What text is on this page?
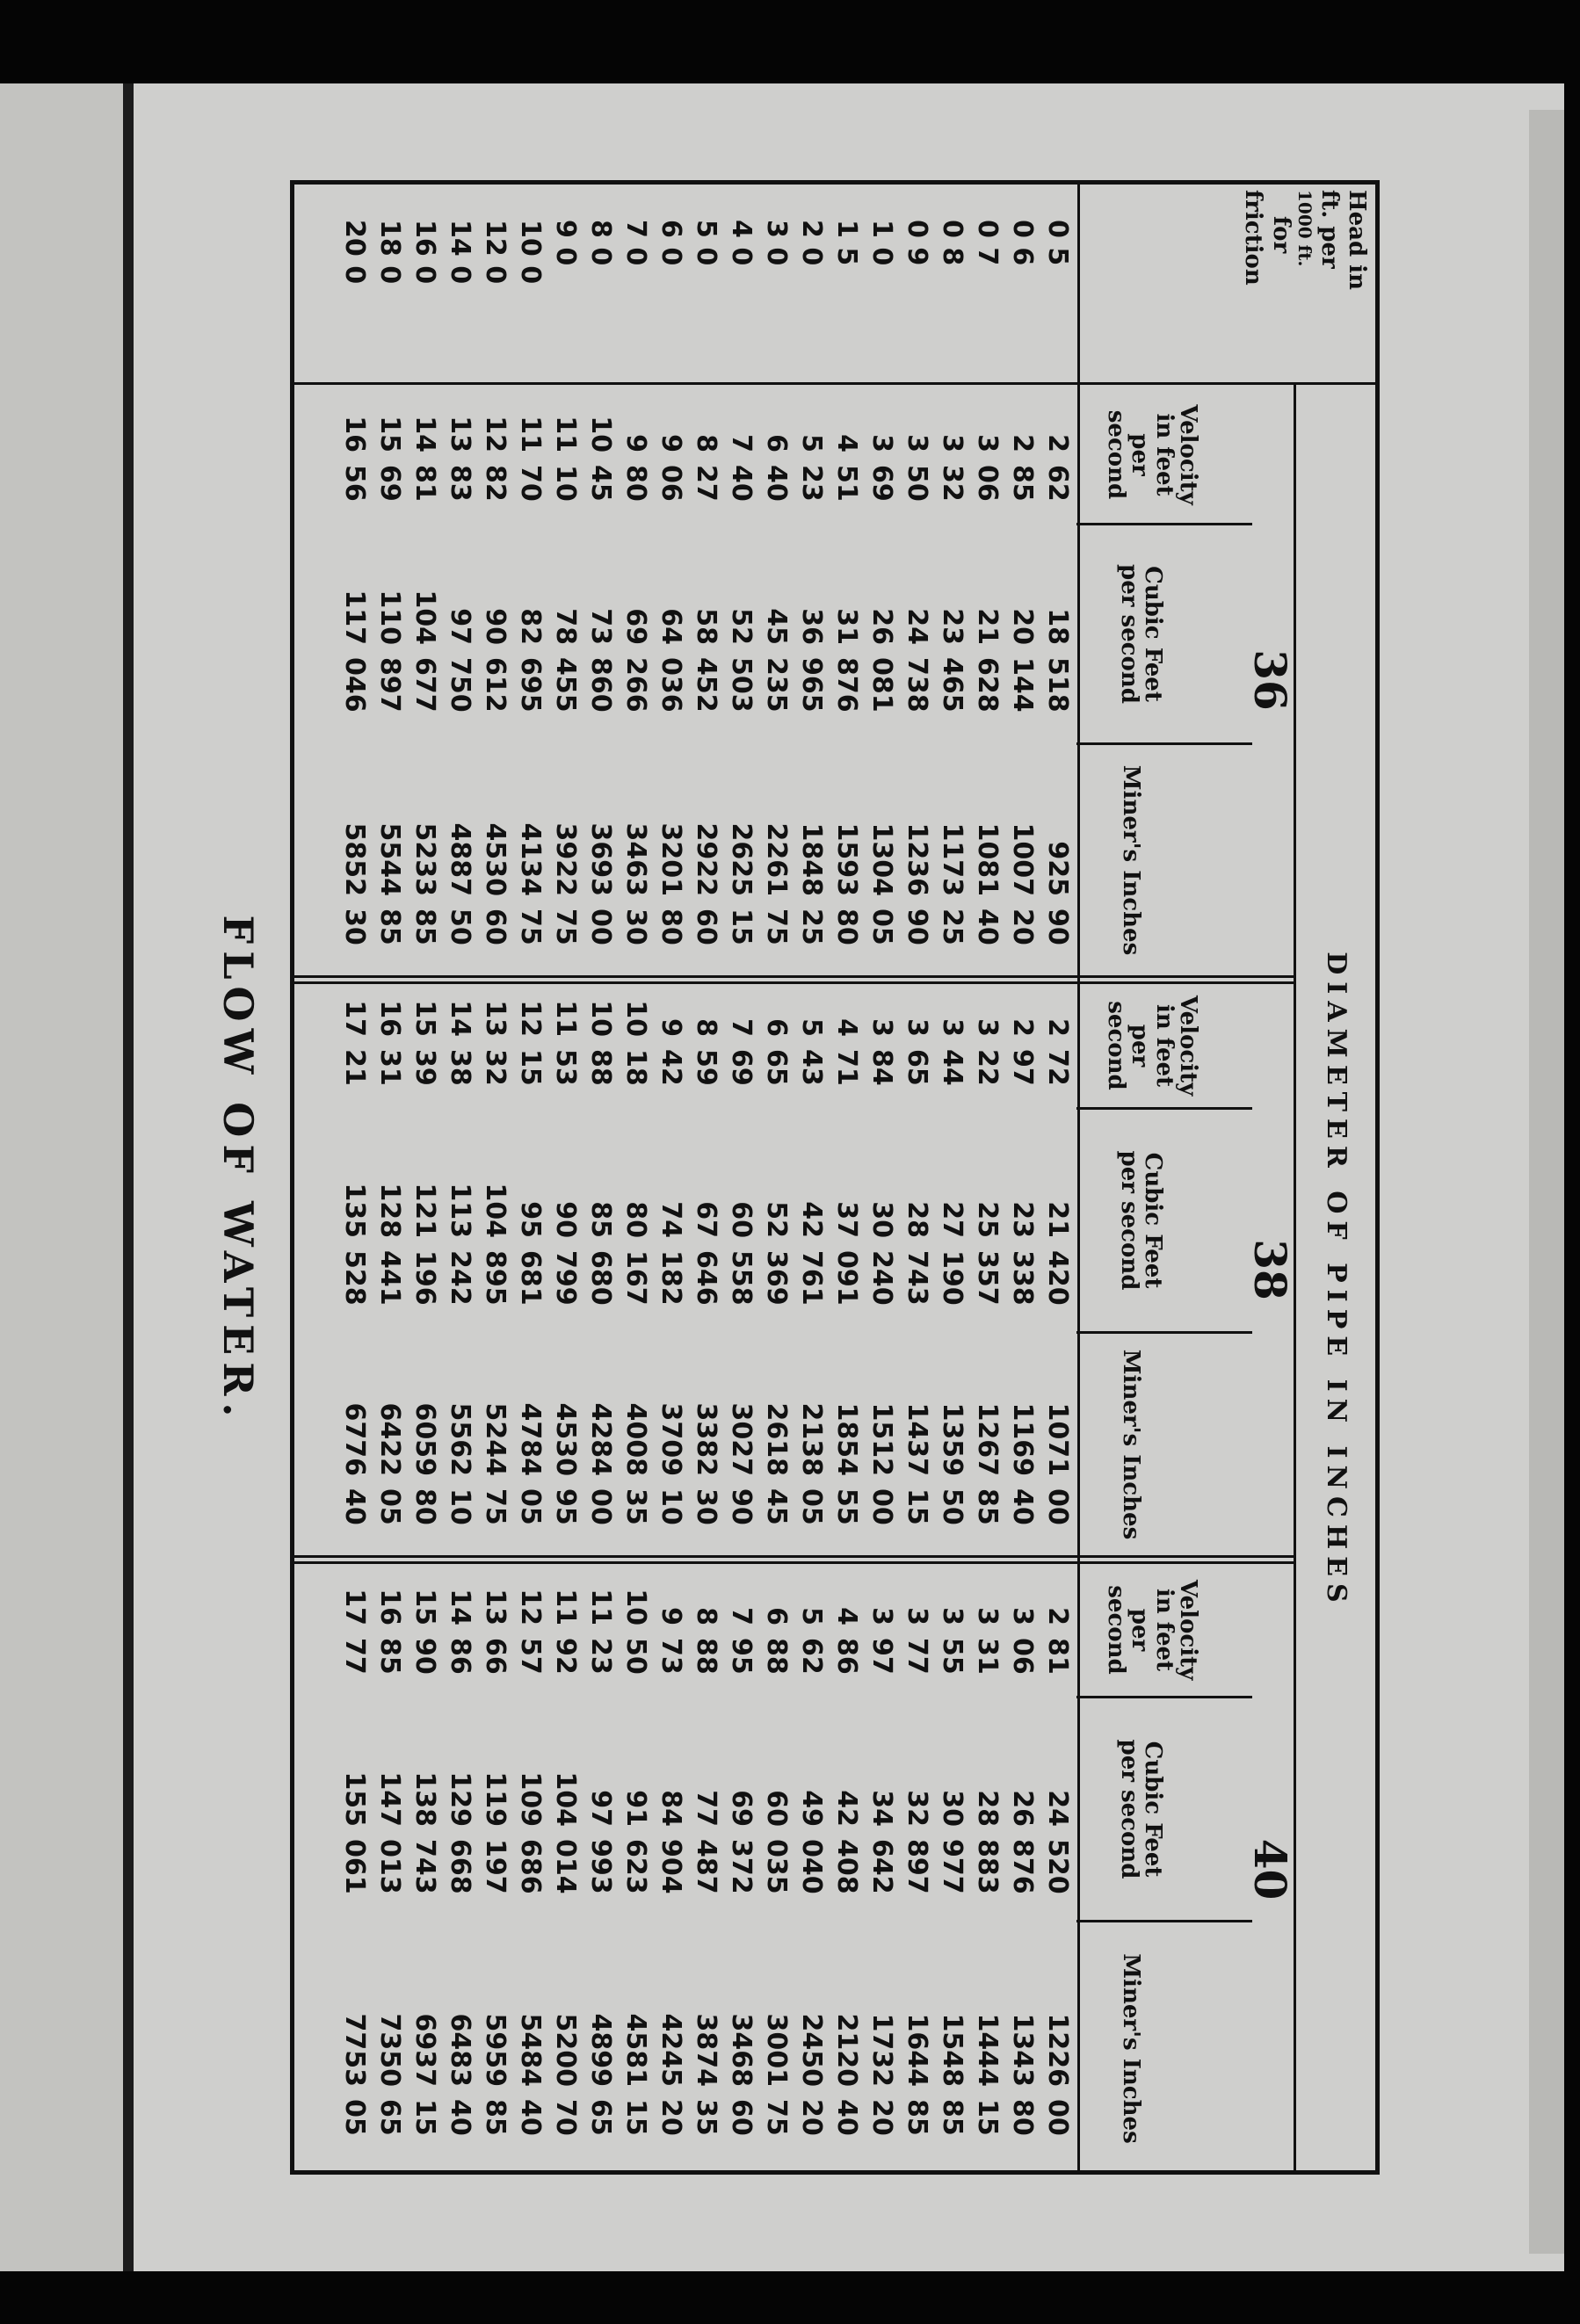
FLOW OF WATER.
Head in
ft. per
1000 ft.
for
friction
DIAMETER OF PIPE IN INCHES
36
38
40
Velocity
in feet
per
second
Cubic Feet
per second
Miner's Inches
Velocity
in feet
per
second
Cubic Feet
per second
Miner's Inches
Velocity
in feet
per
second
Cubic Feet
per second
Miner's Inches
0 5
0 6
0 7
0 8
0 9
1 0
1 5
2 0
3 0
4 0
5 0
6 0
7 0
8 0
9 0
10 0
12 0
14 0
16 0
18 0
20 0
2
62
2
85
3
06
3
32
3
50
3
69
4
51
5
23
6
40
7
40
8
27
9
06
9
80
10
45
11
10
11
70
12
82
13
83
14
81
15
69
16
56
18
518
20
144
21
628
23
465
24
738
26
081
31
876
36
965
45
235
52
503
58
452
64
036
69
266
73
860
78
455
82
695
90
612
97
750
104
677
110
897
117
046
925
90
1007
20
1081
40
1173
25
1236
90
1304
05
1593
80
1848
25
2261
75
2625
15
2922
60
3201
80
3463
30
3693
00
3922
75
4134
75
4530
60
4887
50
5233
85
5544
85
5852
30
2
72
2
97
3
22
3
44
3
65
3
84
4
71
5
43
6
65
7
69
8
59
9
42
10
18
10
88
11
53
12
15
13
32
14
38
15
39
16
31
17
21
21
420
23
338
25
357
27
190
28
743
30
240
37
091
42
761
52
369
60
558
67
646
74
182
80
167
85
680
90
799
95
681
104
895
113
242
121
196
128
441
135
528
1071
00
1169
40
1267
85
1359
50
1437
15
1512
00
1854
55
2138
05
2618
45
3027
90
3382
30
3709
10
4008
35
4284
00
4530
95
4784
05
5244
75
5562
10
6059
80
6422
05
6776
40
2
81
3
06
3
31
3
55
3
77
3
97
4
86
5
62
6
88
7
95
8
88
9
73
10
50
11
23
11
92
12
57
13
66
14
86
15
90
16
85
17
77
24
520
26
876
28
883
30
977
32
897
34
642
42
408
49
040
60
035
69
372
77
487
84
904
91
623
97
993
104
014
109
686
119
197
129
668
138
743
147
013
155
061
1226
00
1343
80
1444
15
1548
85
1644
85
1732
20
2120
40
2450
20
3001
75
3468
60
3874
35
4245
20
4581
15
4899
65
5200
70
5484
40
5959
85
6483
40
6937
15
7350
65
7753
05
